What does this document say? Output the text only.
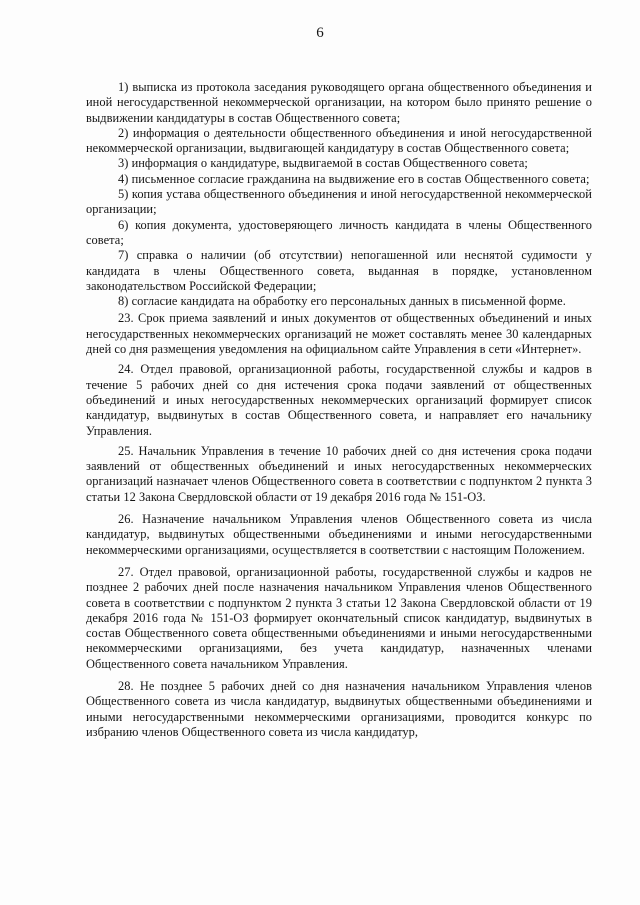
6

1) выписка из протокола заседания руководящего органа общественного объединения и иной негосударственной некоммерческой организации, на котором было принято решение о выдвижении кандидатуры в состав Общественного совета;

2) информация о деятельности общественного объединения и иной негосударственной некоммерческой организации, выдвигающей кандидатуру в состав Общественного совета;

3) информация о кандидатуре, выдвигаемой в состав Общественного совета;

4) письменное согласие гражданина на выдвижение его в состав Общественного совета;

5) копия устава общественного объединения и иной негосударственной некоммерческой организации;

6) копия документа, удостоверяющего личность кандидата в члены Общественного совета;

7) справка о наличии (об отсутствии) непогашенной или неснятой судимости у кандидата в члены Общественного совета, выданная в порядке, установленном законодательством Российской Федерации;

8) согласие кандидата на обработку его персональных данных в письменной форме.

23. Срок приема заявлений и иных документов от общественных объединений и иных негосударственных некоммерческих организаций не может составлять менее 30 календарных дней со дня размещения уведомления на официальном сайте Управления в сети «Интернет».

24. Отдел правовой, организационной работы, государственной службы и кадров в течение 5 рабочих дней со дня истечения срока подачи заявлений от общественных объединений и иных негосударственных некоммерческих организаций формирует список кандидатур, выдвинутых в состав Общественного совета, и направляет его начальнику Управления.

25. Начальник Управления в течение 10 рабочих дней со дня истечения срока подачи заявлений от общественных объединений и иных негосударственных некоммерческих организаций назначает членов Общественного совета в соответствии с подпунктом 2 пункта 3 статьи 12 Закона Свердловской области от 19 декабря 2016 года № 151-ОЗ.

26. Назначение начальником Управления членов Общественного совета из числа кандидатур, выдвинутых общественными объединениями и иными негосударственными некоммерческими организациями, осуществляется в соответствии с настоящим Положением.

27. Отдел правовой, организационной работы, государственной службы и кадров не позднее 2 рабочих дней после назначения начальником Управления членов Общественного совета в соответствии с подпунктом 2 пункта 3 статьи 12 Закона Свердловской области от 19 декабря 2016 года № 151-ОЗ формирует окончательный список кандидатур, выдвинутых в состав Общественного совета общественными объединениями и иными негосударственными некоммерческими организациями, без учета кандидатур, назначенных членами Общественного совета начальником Управления.

28. Не позднее 5 рабочих дней со дня назначения начальником Управления членов Общественного совета из числа кандидатур, выдвинутых общественными объединениями и иными негосударственными некоммерческими организациями, проводится конкурс по избранию членов Общественного совета из числа кандидатур,
